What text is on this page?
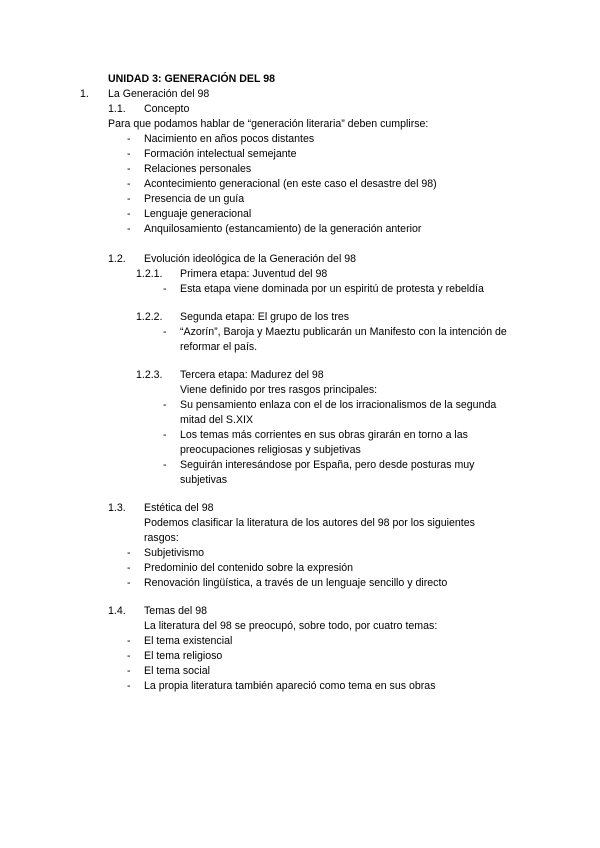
UNIDAD 3: GENERACIÓN DEL 98
1. La Generación del 98
1.1. Concepto
Para que podamos hablar de “generación literaria” deben cumplirse:
- Nacimiento en años pocos distantes
- Formación intelectual semejante
- Relaciones personales
- Acontecimiento generacional (en este caso el desastre del 98)
- Presencia de un guía
- Lenguaje generacional
- Anquilosamiento (estancamiento) de la generación anterior
1.2. Evolución ideológica de la Generación del 98
1.2.1. Primera etapa: Juventud del 98
- Esta etapa viene dominada por un espiritú de protesta y rebeldía
1.2.2. Segunda etapa: El grupo de los tres
- “Azorín”, Baroja y Maeztu publicarán un Manifesto con la intención de
reformar el país.
1.2.3. Tercera etapa: Madurez del 98
Viene definido por tres rasgos principales:
- Su pensamiento enlaza con el de los irracionalismos de la segunda
mitad del S.XIX
- Los temas más corrientes en sus obras girarán en torno a las
preocupaciones religiosas y subjetivas
- Seguirán interesándose por España, pero desde posturas muy
subjetivas
1.3. Estética del 98
Podemos clasificar la literatura de los autores del 98 por los siguientes
rasgos:
- Subjetivismo
- Predominio del contenido sobre la expresión
- Renovación lingüística, a través de un lenguaje sencillo y directo
1.4. Temas del 98
La literatura del 98 se preocupó, sobre todo, por cuatro temas:
- El tema existencial
- El tema religioso
- El tema social
- La propia literatura también apareció como tema en sus obras
